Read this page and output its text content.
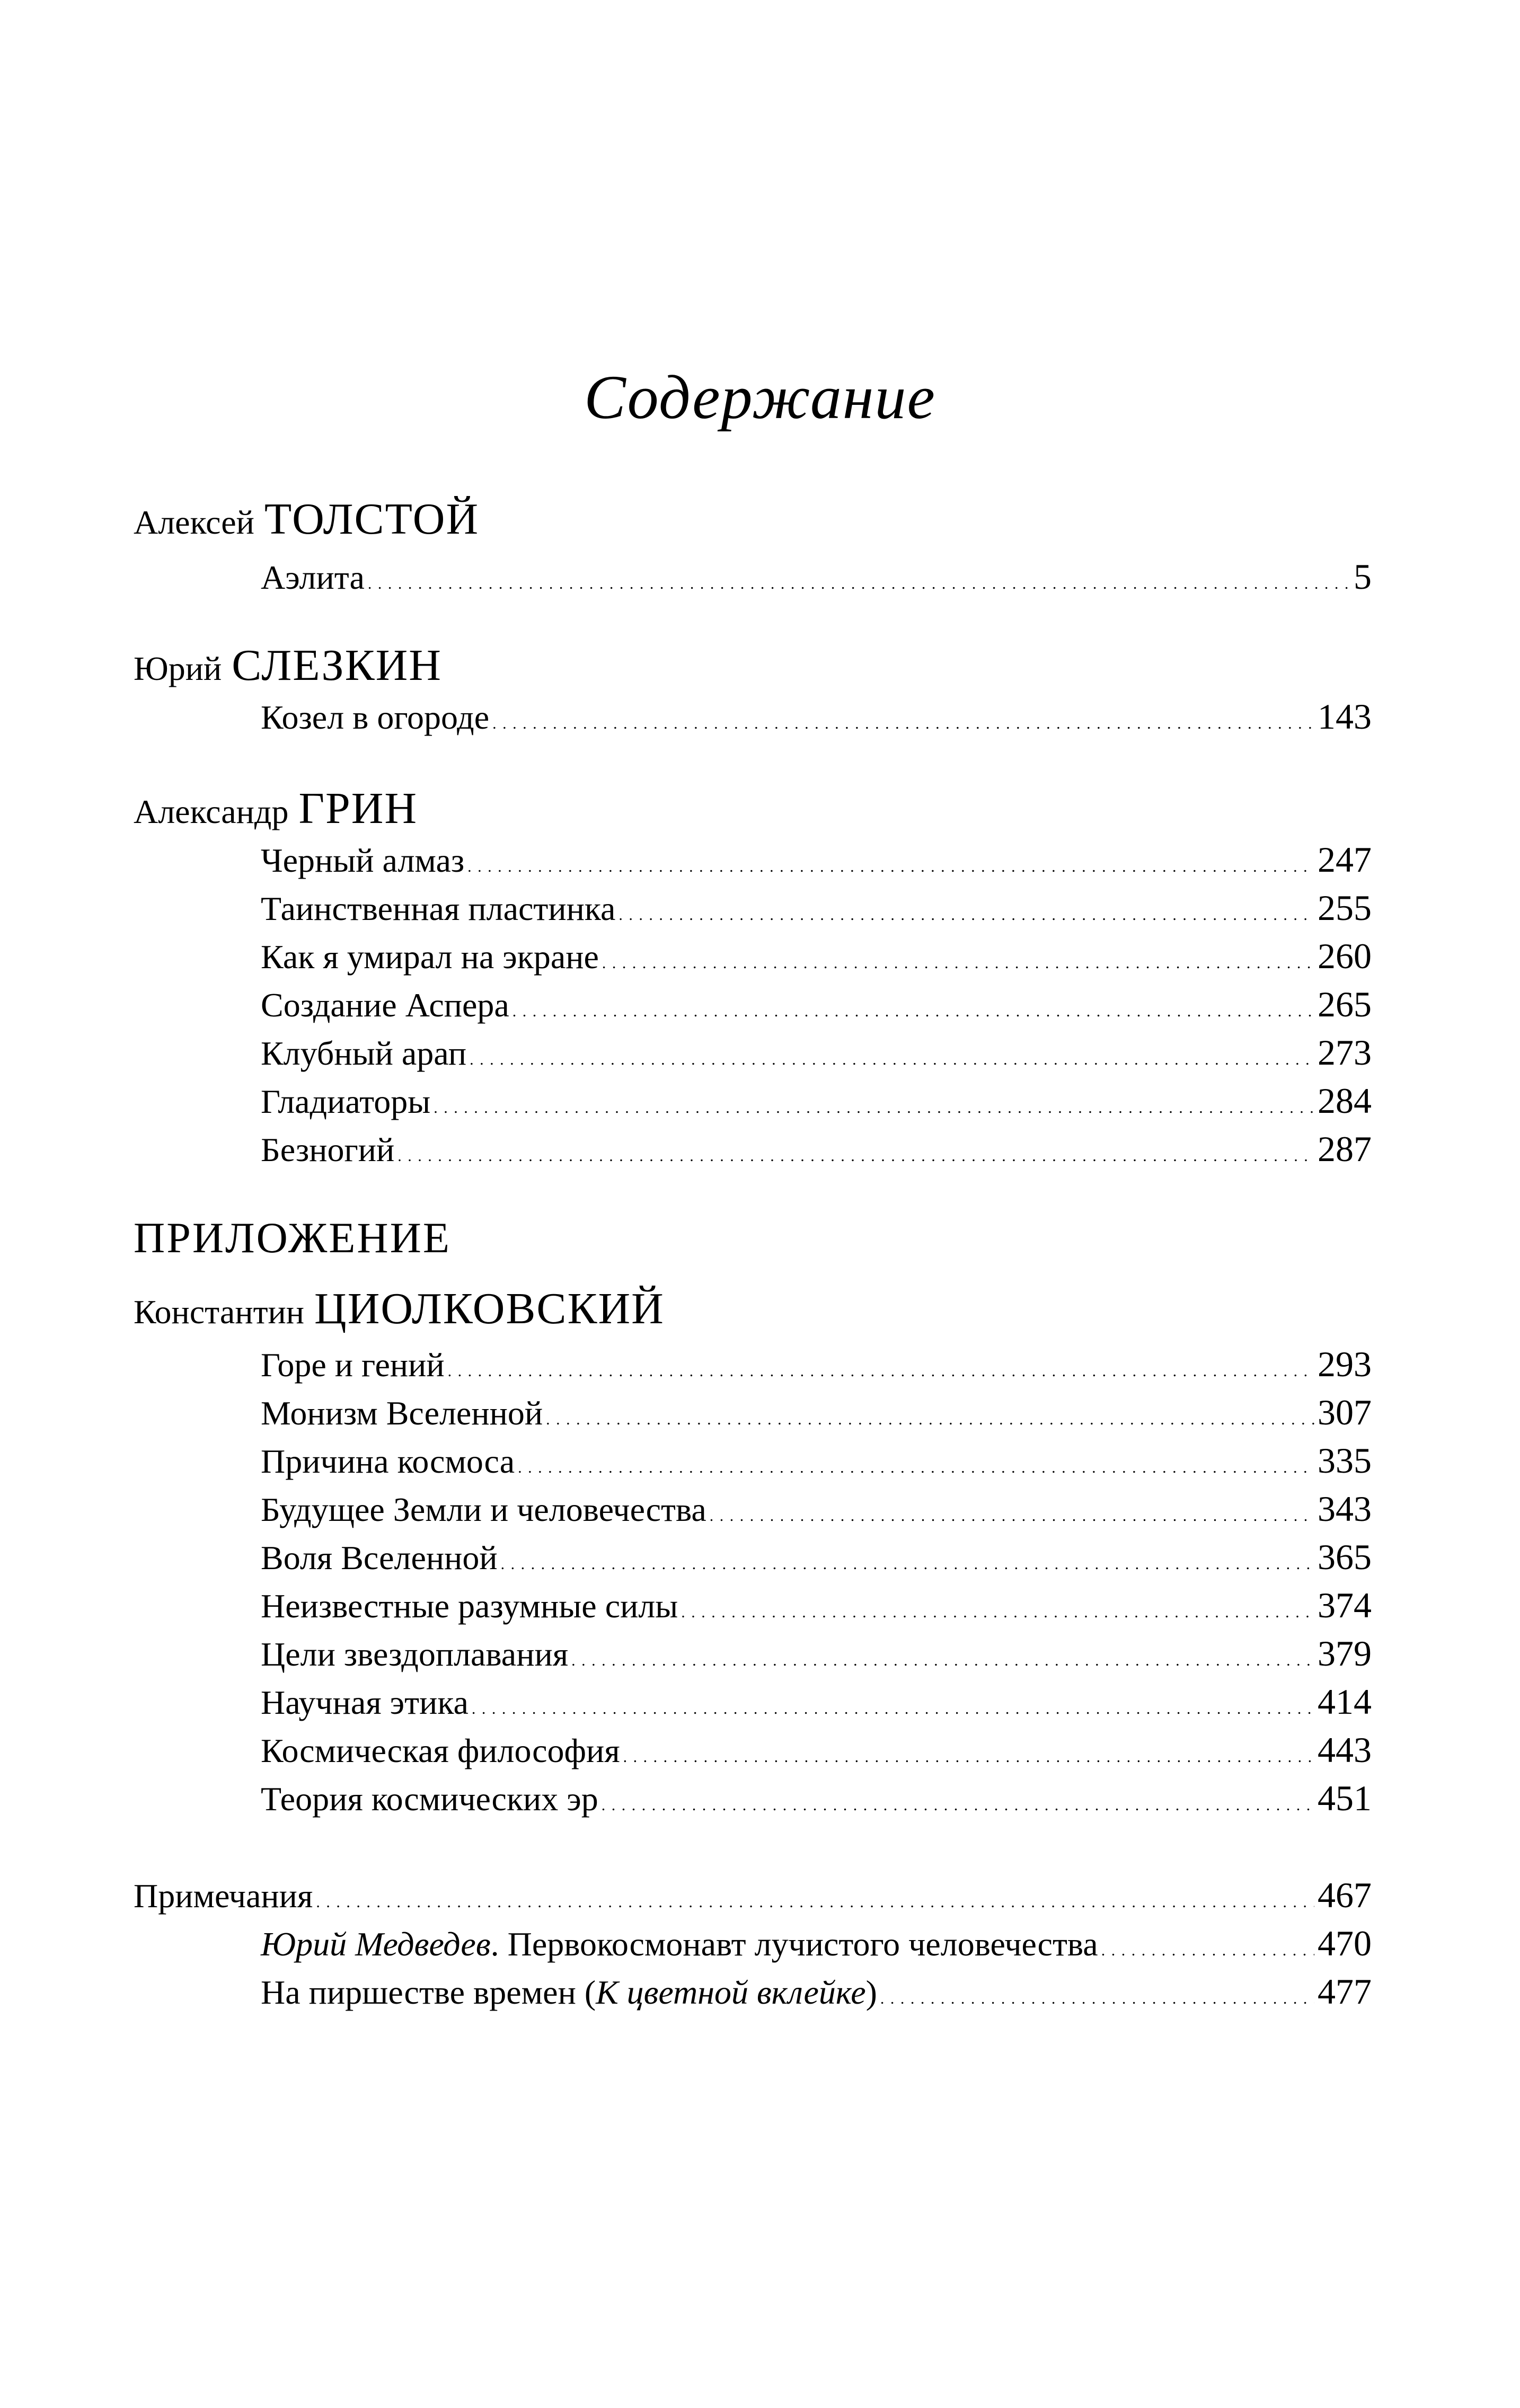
Содержание
Алексей ТОЛСТОЙ
Аэлита . . .	5
Юрий СЛЕЗКИН
Козел в огороде . . .	143
Александр ГРИН
Черный алмаз . . .	247
Таинственная пластинка . . .	255
Как я умирал на экране . . .	260
Создание Аспера . . .	265
Клубный арап . . .	273
Гладиаторы . . .	284
Безногий . . .	287
ПРИЛОЖЕНИЕ
Константин ЦИОЛКОВСКИЙ
Горе и гений . . .	293
Монизм Вселенной . . .	307
Причина космоса . . .	335
Будущее Земли и человечества . . .	343
Воля Вселенной . . .	365
Неизвестные разумные силы . . .	374
Цели звездоплавания . . .	379
Научная этика . . .	414
Космическая философия . . .	443
Теория космических эр . . .	451
Примечания . . .	467
Юрий Медведев. Первокосмонавт лучистого человечества . . .	470
На пиршестве времен (К цветной вклейке) . . .	477
